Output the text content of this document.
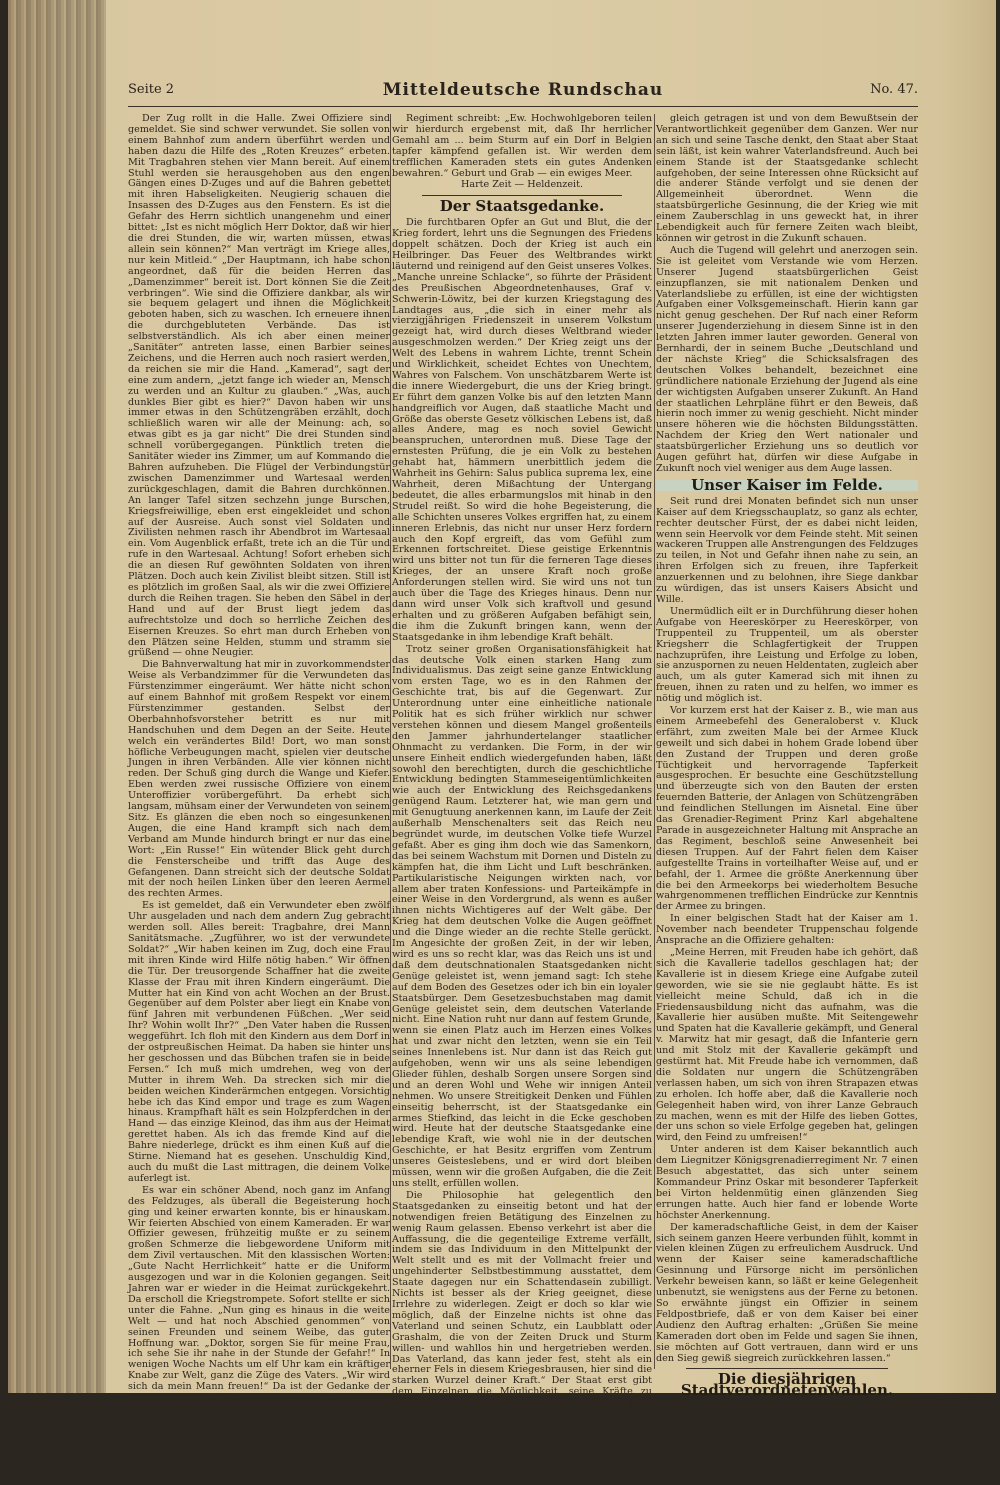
Seite 2	Mitteldeutsche Rundschau	No. 47.

Der Zug rollt in die Halle. Zwei Offiziere sind gemeldet. Sie sind schwer verwundet. Sie sollen von einem Bahnhof zum andern überführt werden und haben dazu die Hilfe des „Roten Kreuzes“ erbeten. Mit Tragbahren stehen vier Mann bereit. Auf einem Stuhl werden sie herausgehoben aus den engen Gängen eines D-Zuges und auf die Bahren gebettet mit ihren Habseligkeiten. Neugierig schauen die Insassen des D-Zuges aus den Fenstern. Es ist die Gefahr des Herrn sichtlich unangenehm und einer bittet: „Ist es nicht möglich Herr Doktor, daß wir hier die drei Stunden, die wir, warten müssen, etwas allein sein können?“ Man verträgt im Kriege alles, nur kein Mitleid.“ „Der Hauptmann, ich habe schon angeordnet, daß für die beiden Herren das „Damenzimmer“ bereit ist. Dort können Sie die Zeit verbringen“. Wie sind die Offiziere dankbar, als wir sie bequem gelagert und ihnen die Möglichkeit geboten haben, sich zu waschen. Ich erneuere ihnen die durchgebluteten Verbände. Das ist selbstverständlich. Als ich aber einen meiner „Sanitäter“ antreten lasse, einen Barbier seines Zeichens, und die Herren auch noch rasiert werden, da reichen sie mir die Hand. „Kamerad“, sagt der eine zum andern, „jetzt fange ich wieder an, Mensch zu werden und an Kultur zu glauben.“ „Was, auch dunkles Bier gibt es hier?“ Davon haben wir uns immer etwas in den Schützengräben erzählt, doch schließlich waren wir alle der Meinung: ach, so etwas gibt es ja gar nicht“ Die drei Stunden sind schnell vorübergegangen. Pünktlich treten die Sanitäter wieder ins Zimmer, um auf Kommando die Bahren aufzuheben. Die Flügel der Verbindungstür zwischen Damenzimmer und Wartesaal werden zurückgeschlagen, damit die Bahren durchkönnen. An langer Tafel sitzen sechzehn junge Burschen, Kriegsfreiwillige, eben erst eingekleidet und schon auf der Ausreise. Auch sonst viel Soldaten und Zivilisten nehmen rasch ihr Abendbrot im Wartesaal ein. Vom Augenblick erfaßt, trete ich an die Tür und rufe in den Wartesaal. Achtung! Sofort erheben sich die an diesen Ruf gewöhnten Soldaten von ihren Plätzen. Doch auch kein Zivilist bleibt sitzen. Still ist es plötzlich im großen Saal, als wir die zwei Offiziere durch die Reihen tragen. Sie heben den Säbel in der Hand und auf der Brust liegt jedem das aufrechtstolze und doch so herrliche Zeichen des Eisernen Kreuzes. So ehrt man durch Erheben von den Plätzen seine Helden, stumm und stramm sie grüßend — ohne Neugier.

Die Bahnverwaltung hat mir in zuvorkommendster Weise als Verbandzimmer für die Verwundeten das Fürstenzimmer eingeräumt. Wer hätte nicht schon auf einem Bahnhof mit großem Respekt vor einem Fürstenzimmer gestanden. Selbst der Oberbahnhofsvorsteher betritt es nur mit Handschuhen und dem Degen an der Seite. Heute welch ein verändertes Bild! Dort, wo man sonst höfliche Verbeugungen macht, spielen vier deutsche Jungen in ihren Verbänden. Alle vier können nicht reden. Der Schuß ging durch die Wange und Kiefer. Eben werden zwei russische Offiziere von einem Unteroffizier vorübergeführt. Da erhebt sich langsam, mühsam einer der Verwundeten von seinem Sitz. Es glänzen die eben noch so eingesunkenen Augen, die eine Hand krampft sich nach dem Verband am Munde hindurch bringt er nur das eine Wort: „Ein Russe!“ Ein wütender Blick geht durch die Fensterscheibe und trifft das Auge des Gefangenen. Dann streicht sich der deutsche Soldat mit der noch heilen Linken über den leeren Aermel des rechten Armes.

Es ist gemeldet, daß ein Verwundeter eben zwölf Uhr ausgeladen und nach dem andern Zug gebracht werden soll. Alles bereit: Tragbahre, drei Mann Sanitätsmache. „Zugführer, wo ist der verwundete Soldat?“ „Wir haben keinen im Zug, doch eine Frau mit ihren Kinde wird Hilfe nötig haben.“ Wir öffnen die Tür. Der treusorgende Schaffner hat die zweite Klasse der Frau mit ihren Kindern eingeräumt. Die Mutter hat ein Kind von acht Wochen an der Brust. Gegenüber auf dem Polster aber liegt ein Knabe von fünf Jahren mit verbundenen Füßchen. „Wer seid Ihr? Wohin wollt Ihr?“ „Den Vater haben die Russen weggeführt. Ich floh mit den Kindern aus dem Dorf in der ostpreußischen Heimat. Da haben sie hinter uns her geschossen und das Bübchen trafen sie in beide Fersen.“ Ich muß mich umdrehen, weg von der Mutter in ihrem Weh. Da strecken sich mir die beiden weichen Kinderärmchen entgegen. Vorsichtig hebe ich das Kind empor und trage es zum Wagen hinaus. Krampfhaft hält es sein Holzpferdchen in der Hand — das einzige Kleinod, das ihm aus der Heimat gerettet haben. Als ich das fremde Kind auf die Bahre niederlege, drückt es ihm einen Kuß auf die Stirne. Niemand hat es gesehen. Unschuldig Kind, auch du mußt die Last mittragen, die deinem Volke auferlegt ist.

Es war ein schöner Abend, noch ganz im Anfang des Feldzuges, als überall die Begeisterung hoch ging und keiner erwarten konnte, bis er hinauskam. Wir feierten Abschied von einem Kameraden. Er war Offizier gewesen, frühzeitig mußte er zu seinem großen Schmerze die liebgewordene Uniform mit dem Zivil vertauschen. Mit den klassischen Worten: „Gute Nacht Herrlichkeit“ hatte er die Uniform ausgezogen und war in die Kolonien gegangen. Seit Jahren war er wieder in die Heimat zurückgekehrt. Da erscholl die Kriegstrompete. Sofort stellte er sich unter die Fahne. „Nun ging es hinaus in die weite Welt — und hat noch Abschied genommen“ von seinen Freunden und seinem Weibe, das guter Hoffnung war. „Doktor, sorgen Sie für meine Frau, ich sehe Sie ihr nahe in der Stunde der Gefahr!“ In wenigen Woche Nachts um elf Uhr kam ein kräftiger Knabe zur Welt, ganz die Züge des Vaters. „Wir wird sich da mein Mann freuen!“ Da ist der Gedanke der glücklichen Mutter, als sie das Kind zum ersten Male im Arme hält. An anderem Tag, ein Sonntagmorgen. Die Glocken läuten vom Turm; da bringt der Briefträger einen Feldpostbrief. Das Dienstmädchen läuft ins Zimmer: „Gnädige Frau, ein Brief von Herrn Leutnant. Der gratuliert gewiß zum Jungen.“ Die Wöchnerin liest den Brief und kann es nicht fassen und glauben, was das

Regiment schreibt: „Ew. Hochwohlgeboren teilen wir hierdurch ergebenst mit, daß Ihr herrlicher Gemahl am ... beim Sturm auf ein Dorf in Belgien tapfer kämpfend gefallen ist. Wir werden dem trefflichen Kameraden stets ein gutes Andenken bewahren.“ Geburt und Grab — ein ewiges Meer.

Harte Zeit — Heldenzeit.
Der Staatsgedanke.

Die furchtbaren Opfer an Gut und Blut, die der Krieg fordert, lehrt uns die Segnungen des Friedens doppelt schätzen. Doch der Krieg ist auch ein Heilbringer. Das Feuer des Weltbrandes wirkt läuternd und reinigend auf den Geist unseres Volkes. „Manche unreine Schlacke“, so führte der Präsident des Preußischen Abgeordnetenhauses, Graf v. Schwerin-Löwitz, bei der kurzen Kriegstagung des Landtages aus, „die sich in einer mehr als vierzigjährigen Friedenszeit in unserem Volkstum gezeigt hat, wird durch dieses Weltbrand wieder ausgeschmolzen werden.“ Der Krieg zeigt uns der Welt des Lebens in wahrem Lichte, trennt Schein und Wirklichkeit, scheidet Echtes von Unechtem, Wahres von Falschem. Von unschätzbarem Werte ist die innere Wiedergeburt, die uns der Krieg bringt. Er führt dem ganzen Volke bis auf den letzten Mann handgreiflich vor Augen, daß staatliche Macht und Größe das oberste Gesetz völkischen Lebens ist, daß alles Andere, mag es noch soviel Gewicht beanspruchen, unterordnen muß. Diese Tage der ernstesten Prüfung, die je ein Volk zu bestehen gehabt hat, hämmern unerbittlich jedem die Wahrheit ins Gehirn: Salus publica suprema lex, eine Wahrheit, deren Mißachtung der Untergang bedeutet, die alles erbarmungslos mit hinab in den Strudel reißt. So wird die hohe Begeisterung, die alle Schichten unseres Volkes ergriffen hat, zu einem inneren Erlebnis, das nicht nur unser Herz fordern auch den Kopf ergreift, das vom Gefühl zum Erkennen fortschreitet. Diese geistige Erkenntnis wird uns bitter not tun für die ferneren Tage dieses Krieges, der an unsere Kraft noch große Anforderungen stellen wird. Sie wird uns not tun auch über die Tage des Krieges hinaus. Denn nur dann wird unser Volk sich kraftvoll und gesund erhalten und zu größeren Aufgaben befähigt sein, die ihm die Zukunft bringen kann, wenn der Staatsgedanke in ihm lebendige Kraft behält.

Trotz seiner großen Organisationsfähigkeit hat das deutsche Volk einen starken Hang zum Individualismus. Das zeigt seine ganze Entwicklung vom ersten Tage, wo es in den Rahmen der Geschichte trat, bis auf die Gegenwart. Zur Unterordnung unter eine einheitliche nationale Politik hat es sich früher wirklich nur schwer verstehen können und diesem Mangel großenteils den Jammer jahrhundertelanger staatlicher Ohnmacht zu verdanken. Die Form, in der wir unsere Einheit endlich wiedergefunden haben, läßt sowohl den berechtigten, durch die geschichtliche Entwicklung bedingten Stammeseigentümlichkeiten wie auch der Entwicklung des Reichsgedankens genügend Raum. Letzterer hat, wie man gern und mit Genugtuung anerkennen kann, im Laufe der Zeit außerhalb Menschenalters seit das Reich neu begründet wurde, im deutschen Volke tiefe Wurzel gefaßt. Aber es ging ihm doch wie das Samenkorn, das bei seinem Wachstum mit Dornen und Disteln zu kämpfen hat, die ihm Licht und Luft beschränken. Partikularistische Neigungen wirkten nach, vor allem aber traten Konfessions- und Parteikämpfe in einer Weise in den Vordergrund, als wenn es außer ihnen nichts Wichtigeres auf der Welt gäbe. Der Krieg hat dem deutschen Volke die Augen geöffnet und die Dinge wieder an die rechte Stelle gerückt. Im Angesichte der großen Zeit, in der wir leben, wird es uns so recht klar, was das Reich uns ist und daß dem deutschnationalen Staatsgedanken nicht Genüge geleistet ist, wenn jemand sagt: Ich stehe auf dem Boden des Gesetzes oder ich bin ein loyaler Staatsbürger. Dem Gesetzesbuchstaben mag damit Genüge geleistet sein, dem deutschen Vaterlande nicht. Eine Nation ruht nur dann auf festem Grunde, wenn sie einen Platz auch im Herzen eines Volkes hat und zwar nicht den letzten, wenn sie ein Teil seines Innenlebens ist. Nur dann ist das Reich gut aufgehoben, wenn wir uns als seine lebendigen Glieder fühlen, deshalb Sorgen unsere Sorgen sind und an deren Wohl und Wehe wir innigen Anteil nehmen. Wo unsere Streitigkeit Denken und Fühlen einseitig beherrscht, ist der Staatsgedanke ein armes Stiefkind, das leicht in die Ecke geschoben wird. Heute hat der deutsche Staatsgedanke eine lebendige Kraft, wie wohl nie in der deutschen Geschichte, er hat Besitz ergriffen vom Zentrum unseres Geisteslebens, und er wird dort bleiben müssen, wenn wir die großen Aufgaben, die die Zeit uns stellt, erfüllen wollen.

Die Philosophie hat gelegentlich den Staatsgedanken zu einseitig betont und hat der notwendigen freien Betätigung des Einzelnen zu wenig Raum gelassen. Ebenso verkehrt ist aber die Auffassung, die die gegenteilige Extreme verfällt, indem sie das Individuum in den Mittelpunkt der Welt stellt und es mit der Vollmacht freier und ungehinderter Selbstbestimmung ausstattet, dem Staate dagegen nur ein Schattendasein zubilligt. Nichts ist besser als der Krieg geeignet, diese Irrlehre zu widerlegen. Zeigt er doch so klar wie möglich, daß der Einzelne nichts ist ohne das Vaterland und seinen Schutz, ein Laubblatt oder Grashalm, die von der Zeiten Druck und Sturm willen- und wahllos hin und hergetrieben werden. Das Vaterland, das kann jeder fest, steht als ein eherner Fels in diesem Kriegesbrausen, hier sind die starken Wurzel deiner Kraft.“ Der Staat erst gibt dem Einzelnen die Möglichkeit, seine Kräfte zu entfalten und ungestört seiner Beschäftigung nachzugehen, er ist die Grundlage, auf der wir aufbauen können. Aber eine Ehre ist der andern wert. Der Staat erfordert von seinen Bürgern Rücksichten und Opfer. Das Individuum kann und darf sich nicht völlig ungehindert nach seinem Belieben entfalten. Nur dann ist seine Arbeit segenbringend, wenn sie zu-

gleich getragen ist und von dem Bewußtsein der Verantwortlichkeit gegenüber dem Ganzen. Wer nur an sich und seine Tasche denkt, den Staat aber Staat sein läßt, ist kein wahrer Vaterlandsfreund. Auch bei einem Stande ist der Staatsgedanke schlecht aufgehoben, der seine Interessen ohne Rücksicht auf die anderer Stände verfolgt und sie denen der Allgemeinheit überordnet. Wenn die staatsbürgerliche Gesinnung, die der Krieg wie mit einem Zauberschlag in uns geweckt hat, in ihrer Lebendigkeit auch für fernere Zeiten wach bleibt, können wir getrost in die Zukunft schauen.

Auch die Tugend will gelehrt und anerzogen sein. Sie ist geleitet vom Verstande wie vom Herzen. Unserer Jugend staatsbürgerlichen Geist einzupflanzen, sie mit nationalem Denken und Vaterlandsliebe zu erfüllen, ist eine der wichtigsten Aufgaben einer Volksgemeinschaft. Hierin kann gar nicht genug geschehen. Der Ruf nach einer Reform unserer Jugenderziehung in diesem Sinne ist in den letzten Jahren immer lauter geworden. General von Bernhardi, der in seinem Buche „Deutschland und der nächste Krieg“ die Schicksalsfragen des deutschen Volkes behandelt, bezeichnet eine gründlichere nationale Erziehung der Jugend als eine der wichtigsten Aufgaben unserer Zukunft. An Hand der staatlichen Lehrpläne führt er den Beweis, daß hierin noch immer zu wenig geschieht. Nicht minder unsere höheren wie die höchsten Bildungsstätten. Nachdem der Krieg den Wert nationaler und staatsbürgerlicher Erziehung uns so deutlich vor Augen geführt hat, dürfen wir diese Aufgabe in Zukunft noch viel weniger aus dem Auge lassen.

Unser Kaiser im Felde.

Seit rund drei Monaten befindet sich nun unser Kaiser auf dem Kriegsschauplatz, so ganz als echter, rechter deutscher Fürst, der es dabei nicht leiden, wenn sein Heervolk vor dem Feinde steht. Mit seinen wackeren Truppen alle Anstrengungen des Feldzuges zu teilen, in Not und Gefahr ihnen nahe zu sein, an ihren Erfolgen sich zu freuen, ihre Tapferkeit anzuerkennen und zu belohnen, ihre Siege dankbar zu würdigen, das ist unsers Kaisers Absicht und Wille.

Unermüdlich eilt er in Durchführung dieser hohen Aufgabe von Heereskörper zu Heereskörper, von Truppenteil zu Truppenteil, um als oberster Kriegsherr die Schlagfertigkeit der Truppen nachzuprüfen, ihre Leistung und Erfolge zu loben, sie anzuspornen zu neuen Heldentaten, zugleich aber auch, um als guter Kamerad sich mit ihnen zu freuen, ihnen zu raten und zu helfen, wo immer es nötig und möglich ist.

Vor kurzem erst hat der Kaiser z. B., wie man aus einem Armeebefehl des Generaloberst v. Kluck erfährt, zum zweiten Male bei der Armee Kluck geweilt und sich dabei in hohem Grade lobend über den Zustand der Truppen und deren große Tüchtigkeit und hervorragende Tapferkeit ausgesprochen. Er besuchte eine Geschützstellung und überzeugte sich von den Bauten der ersten feuernden Batterie, der Anlagen von Schützengräben und feindlichen Stellungen im Aisnetal. Eine über das Grenadier-Regiment Prinz Karl abgehaltene Parade in ausgezeichneter Haltung mit Ansprache an das Regiment, beschloß seine Anwesenheit bei diesen Truppen. Auf der Fahrt fielen dem Kaiser aufgestellte Trains in vorteilhafter Weise auf, und er befahl, der 1. Armee die größte Anerkennung über die bei den Armeekorps bei wiederholtem Besuche wahrgenommenen trefflichen Eindrücke zur Kenntnis der Armee zu bringen.

In einer belgischen Stadt hat der Kaiser am 1. November nach beendeter Truppenschau folgende Ansprache an die Offiziere gehalten:

„Meine Herren, mit Freuden habe ich gehört, daß sich die Kavallerie tadellos geschlagen hat; der Kavallerie ist in diesem Kriege eine Aufgabe zuteil geworden, wie sie sie nie geglaubt hätte. Es ist vielleicht meine Schuld, daß ich in die Friedensausbildung nicht das aufnahm, was die Kavallerie hier ausüben mußte. Mit Seitengewehr und Spaten hat die Kavallerie gekämpft, und General v. Marwitz hat mir gesagt, daß die Infanterie gern und mit Stolz mit der Kavallerie gekämpft und gestürmt hat. Mit Freude habe ich vernommen, daß die Soldaten nur ungern die Schützengräben verlassen haben, um sich von ihren Strapazen etwas zu erholen. Ich hoffe aber, daß die Kavallerie noch Gelegenheit haben wird, von ihrer Lanze Gebrauch zu machen, wenn es mit der Hilfe des lieben Gottes, der uns schon so viele Erfolge gegeben hat, gelingen wird, den Feind zu umfreisen!“

Unter anderen ist dem Kaiser bekanntlich auch dem Liegnitzer Königsgrenadierregiment Nr. 7 einen Besuch abgestattet, das sich unter seinem Kommandeur Prinz Oskar mit besonderer Tapferkeit bei Virton heldenmütig einen glänzenden Sieg errungen hatte. Auch hier fand er lobende Worte höchster Anerkennung.

Der kameradschaftliche Geist, in dem der Kaiser sich seinem ganzen Heere verbunden fühlt, kommt in vielen kleinen Zügen zu erfreulichem Ausdruck. Und wenn der Kaiser seine kameradschaftliche Gesinnung und Fürsorge nicht im persönlichen Verkehr beweisen kann, so läßt er keine Gelegenheit unbenutzt, sie wenigstens aus der Ferne zu betonen. So erwähnte jüngst ein Offizier in seinem Feldpostbriefe, daß er von dem Kaiser bei einer Audienz den Auftrag erhalten: „Grüßen Sie meine Kameraden dort oben im Felde und sagen Sie ihnen, sie möchten auf Gott vertrauen, dann wird er uns den Sieg gewiß siegreich zurückkehren lassen.“

Die diesjährigen Stadtverordnetenwahlen.

Der Krieg hat die Parteiwaffen einstweilen begraben. Der innere Friede, der die Voraussetzung für einen guten Ausgang unseres Existenzkampfes auf den Schlachtfeldern ist, steht höher als die Kleidung der Parteien. Wo in dieser Zeit Wahlen zum Reichstage oder zu den Volksvertretungen der Einzelstaaten zu vollziehen waren, hat
